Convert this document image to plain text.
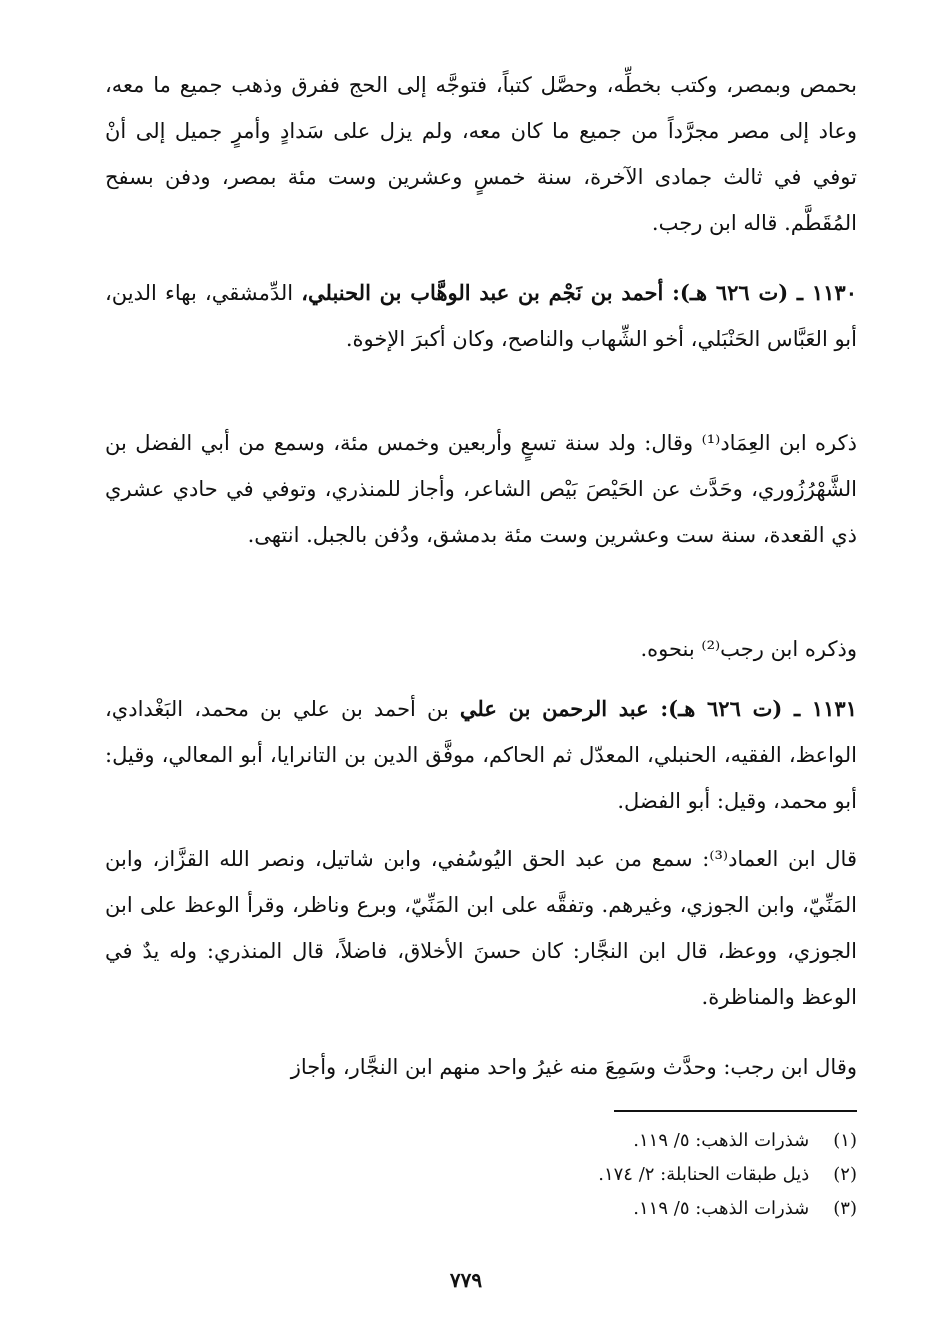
بحمص وبمصر، وكتب بخطِّه، وحصَّل كتباً، فتوجَّه إلى الحج ففرق وذهب جميع ما معه، وعاد إلى مصر مجرَّداً من جميع ما كان معه، ولم يزل على سَدادٍ وأمرٍ جميل إلى أنْ توفي في ثالث جمادى الآخرة، سنة خمسٍ وعشرين وست مئة بمصر، ودفن بسفح المُقَطَّم. قاله ابن رجب.

١١٣٠ ـ (ت ٦٢٦ هـ): أحمد بن نَجْم بن عبد الوهَّاب بن الحنبلي، الدِّمشقي، بهاء الدين، أبو العَبَّاس الحَنْبَلي، أخو الشِّهاب والناصح، وكان أكبرَ الإخوة.

ذكره ابن العِمَاد⁽¹⁾ وقال: ولد سنة تسعٍ وأربعين وخمس مئة، وسمع من أبي الفضل بن الشَّهْرُزُوري، وحَدَّث عن الحَيْصَ بَيْص الشاعر، وأجاز للمنذري، وتوفي في حادي عشري ذي القعدة، سنة ست وعشرين وست مئة بدمشق، ودُفن بالجبل. انتهى.

وذكره ابن رجب⁽²⁾ بنحوه.

١١٣١ ـ (ت ٦٢٦ هـ): عبد الرحمن بن علي بن أحمد بن علي بن محمد، البَغْدادي، الواعظ، الفقيه، الحنبلي، المعدّل ثم الحاكم، موفَّق الدين بن التانرايا، أبو المعالي، وقيل: أبو محمد، وقيل: أبو الفضل.

قال ابن العماد⁽³⁾: سمع من عبد الحق اليُوسُفي، وابن شاتيل، ونصر الله القزَّاز، وابن المَنِّيّ، وابن الجوزي، وغيرهم. وتفقَّه على ابن المَنِّيّ، وبرع وناظر، وقرأ الوعظ على ابن الجوزي، ووعظ، قال ابن النجَّار: كان حسنَ الأخلاق، فاضلاً، قال المنذري: وله يدٌ في الوعظ والمناظرة.

وقال ابن رجب: وحدَّث وسَمِعَ منه غيرُ واحد منهم ابن النجَّار، وأجاز

(١) شذرات الذهب: ٥/ ١١٩.
(٢) ذيل طبقات الحنابلة: ٢/ ١٧٤.
(٣) شذرات الذهب: ٥/ ١١٩.
٧٧٩
